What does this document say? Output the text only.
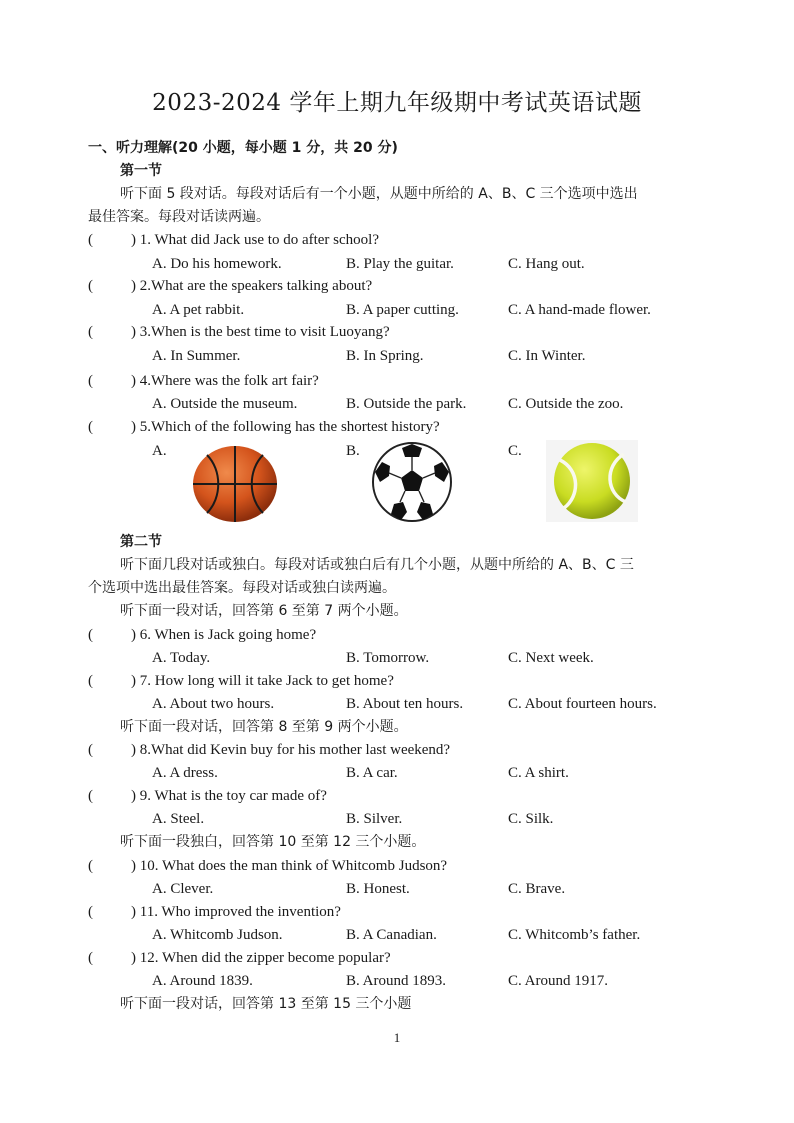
2023-2024 学年上期九年级期中考试英语试题
一、听力理解(20 小题，每小题 1 分，共 20 分)
第一节
听下面 5 段对话。每段对话后有一个小题，从题中所给的 A、B、C 三个选项中选出
最佳答案。每段对话读两遍。
(	) 1. What did Jack use to do after school?
A. Do his homework.	B. Play the guitar.	C. Hang out.
(	) 2.What are the speakers talking about?
A. A pet rabbit.	B. A paper cutting.	C. A hand-made flower.
(	) 3.When is the best time to visit Luoyang?
A. In Summer.	B. In Spring.	C. In Winter.
(	) 4.Where was the folk art fair?
A. Outside the museum.	B. Outside the park.	C. Outside the zoo.
(	) 5.Which of the following has the shortest history?
A.	B.	C.
第二节
听下面几段对话或独白。每段对话或独白后有几个小题，从题中所给的 A、B、C 三
个选项中选出最佳答案。每段对话或独白读两遍。
听下面一段对话，回答第 6 至第 7 两个小题。
(	) 6. When is Jack going home?
A. Today.	B. Tomorrow.	C. Next week.
(	) 7. How long will it take Jack to get home?
A. About two hours.	B. About ten hours.	C. About fourteen hours.
听下面一段对话，回答第 8 至第 9 两个小题。
(	) 8.What did Kevin buy for his mother last weekend?
A. A dress.	B. A car.	C. A shirt.
(	) 9. What is the toy car made of?
A. Steel.	B. Silver.	C. Silk.
听下面一段独白，回答第 10 至第 12 三个小题。
(	) 10. What does the man think of Whitcomb Judson?
A. Clever.	B. Honest.	C. Brave.
(	) 11. Who improved the invention?
A. Whitcomb Judson.	B. A Canadian.	C. Whitcomb’s father.
(	) 12. When did the zipper become popular?
A. Around 1839.	B. Around 1893.	C. Around 1917.
听下面一段对话，回答第 13 至第 15 三个小题
1
